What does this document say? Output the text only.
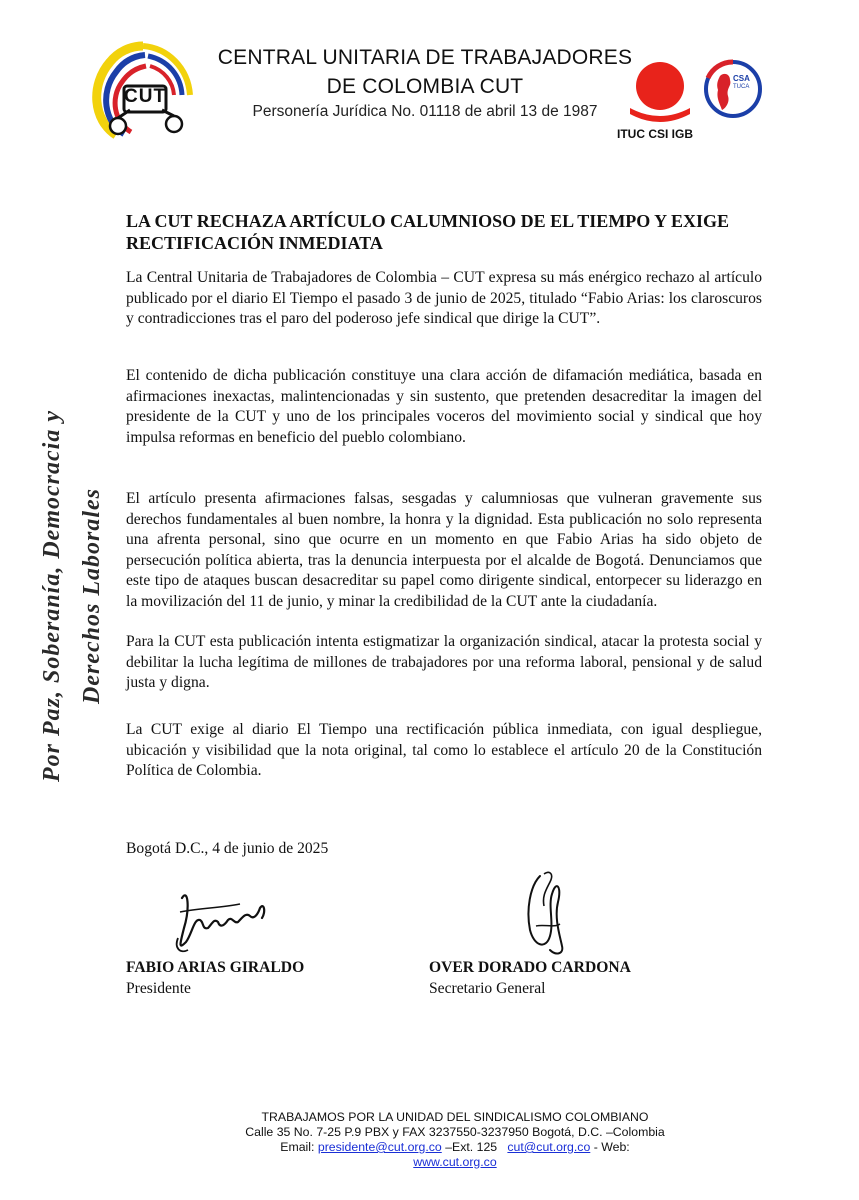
CUT
CENTRAL UNITARIA DE TRABAJADORES
DE COLOMBIA CUT
Personería Jurídica No. 01118 de abril 13 de 1987
CSA
TUCA
ITUC CSI IGB
Por Paz, Soberanía, Democracia y Derechos Laborales
LA CUT RECHAZA ARTÍCULO CALUMNIOSO DE EL TIEMPO Y EXIGE RECTIFICACIÓN INMEDIATA
La Central Unitaria de Trabajadores de Colombia – CUT expresa su más enérgico rechazo al artículo publicado por el diario El Tiempo el pasado 3 de junio de 2025, titulado “Fabio Arias: los claroscuros y contradicciones tras el paro del poderoso jefe sindical que dirige la CUT”.
El contenido de dicha publicación constituye una clara acción de difamación mediática, basada en afirmaciones inexactas, malintencionadas y sin sustento, que pretenden desacreditar la imagen del presidente de la CUT y uno de los principales voceros del movimiento social y sindical que hoy impulsa reformas en beneficio del pueblo colombiano.
El artículo presenta afirmaciones falsas, sesgadas y calumniosas que vulneran gravemente sus derechos fundamentales al buen nombre, la honra y la dignidad. Esta publicación no solo representa una afrenta personal, sino que ocurre en un momento en que Fabio Arias ha sido objeto de persecución política abierta, tras la denuncia interpuesta por el alcalde de Bogotá. Denunciamos que este tipo de ataques buscan desacreditar su papel como dirigente sindical, entorpecer su liderazgo en la movilización del 11 de junio, y minar la credibilidad de la CUT ante la ciudadanía.
Para la CUT esta publicación intenta estigmatizar la organización sindical, atacar la protesta social y debilitar la lucha legítima de millones de trabajadores por una reforma laboral, pensional y de salud justa y digna.
La CUT exige al diario El Tiempo una rectificación pública inmediata, con igual despliegue, ubicación y visibilidad que la nota original, tal como lo establece el artículo 20 de la Constitución Política de Colombia.
Bogotá D.C., 4 de junio de 2025
FABIO ARIAS GIRALDO
Presidente
OVER DORADO CARDONA
Secretario General
TRABAJAMOS POR LA UNIDAD DEL SINDICALISMO COLOMBIANO
Calle 35 No. 7-25 P.9 PBX y FAX 3237550-3237950 Bogotá, D.C. –Colombia
Email: presidente@cut.org.co –Ext. 125 cut@cut.org.co - Web:
www.cut.org.co
